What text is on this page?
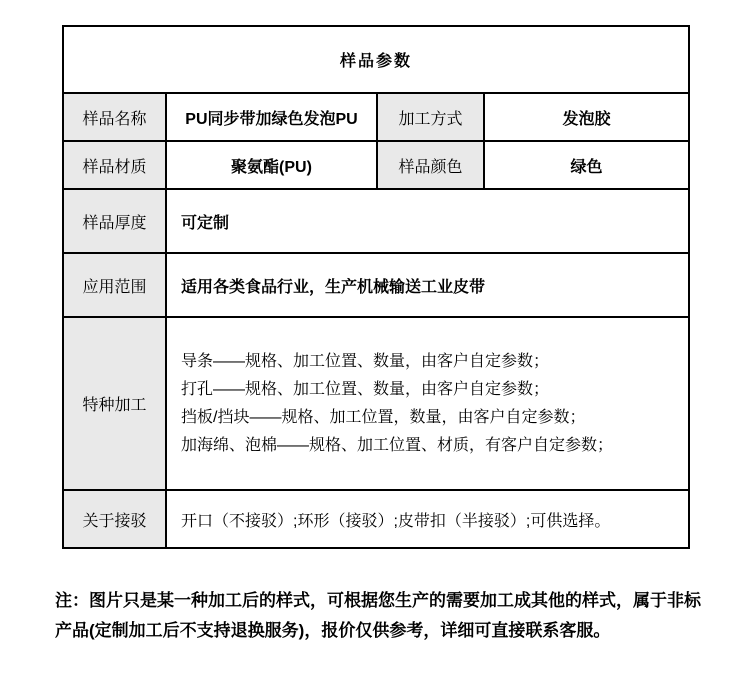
样品参数			
样品名称	PU同步带加绿色发泡PU	加工方式	发泡胶
样品材质	聚氨酯(PU)	样品颜色	绿色
样品厚度	可定制		
应用范围	适用各类食品行业，生产机械输送工业皮带		
特种加工	导条——规格、加工位置、数量，由客户自定参数；

打孔——规格、加工位置、数量，由客户自定参数；

挡板/挡块——规格、加工位置，数量，由客户自定参数；

加海绵、泡棉——规格、加工位置、材质，有客户自定参数；		

关于接驳	开口（不接驳）;环形（接驳）;皮带扣（半接驳）;可供选择。		
注：图片只是某一种加工后的样式，可根据您生产的需要加工成其他的样式，属于非标产品(定制加工后不支持退换服务)，报价仅供参考，详细可直接联系客服。
